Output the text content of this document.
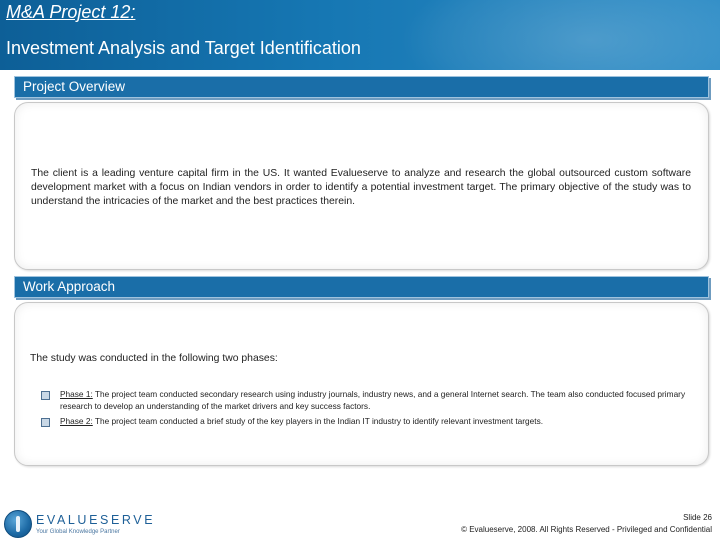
M&A Project 12:
Investment Analysis and Target Identification
Project Overview
The client is a leading venture capital firm in the US. It wanted Evalueserve to analyze and research the global outsourced custom software development market with a focus on Indian vendors in order to identify a potential investment target. The primary objective of the study was to understand the intricacies of the market and the best practices therein.
Work Approach
The study was conducted in the following two phases:
Phase 1: The project team conducted secondary research using industry journals, industry news, and a general Internet search. The team also conducted focused primary research to develop an understanding of the market drivers and key success factors.
Phase 2: The project team conducted a brief study of the key players in the Indian IT industry to identify relevant investment targets.
EVALUESERVE
Your Global Knowledge Partner
Slide 26
© Evalueserve, 2008. All Rights Reserved - Privileged and Confidential
